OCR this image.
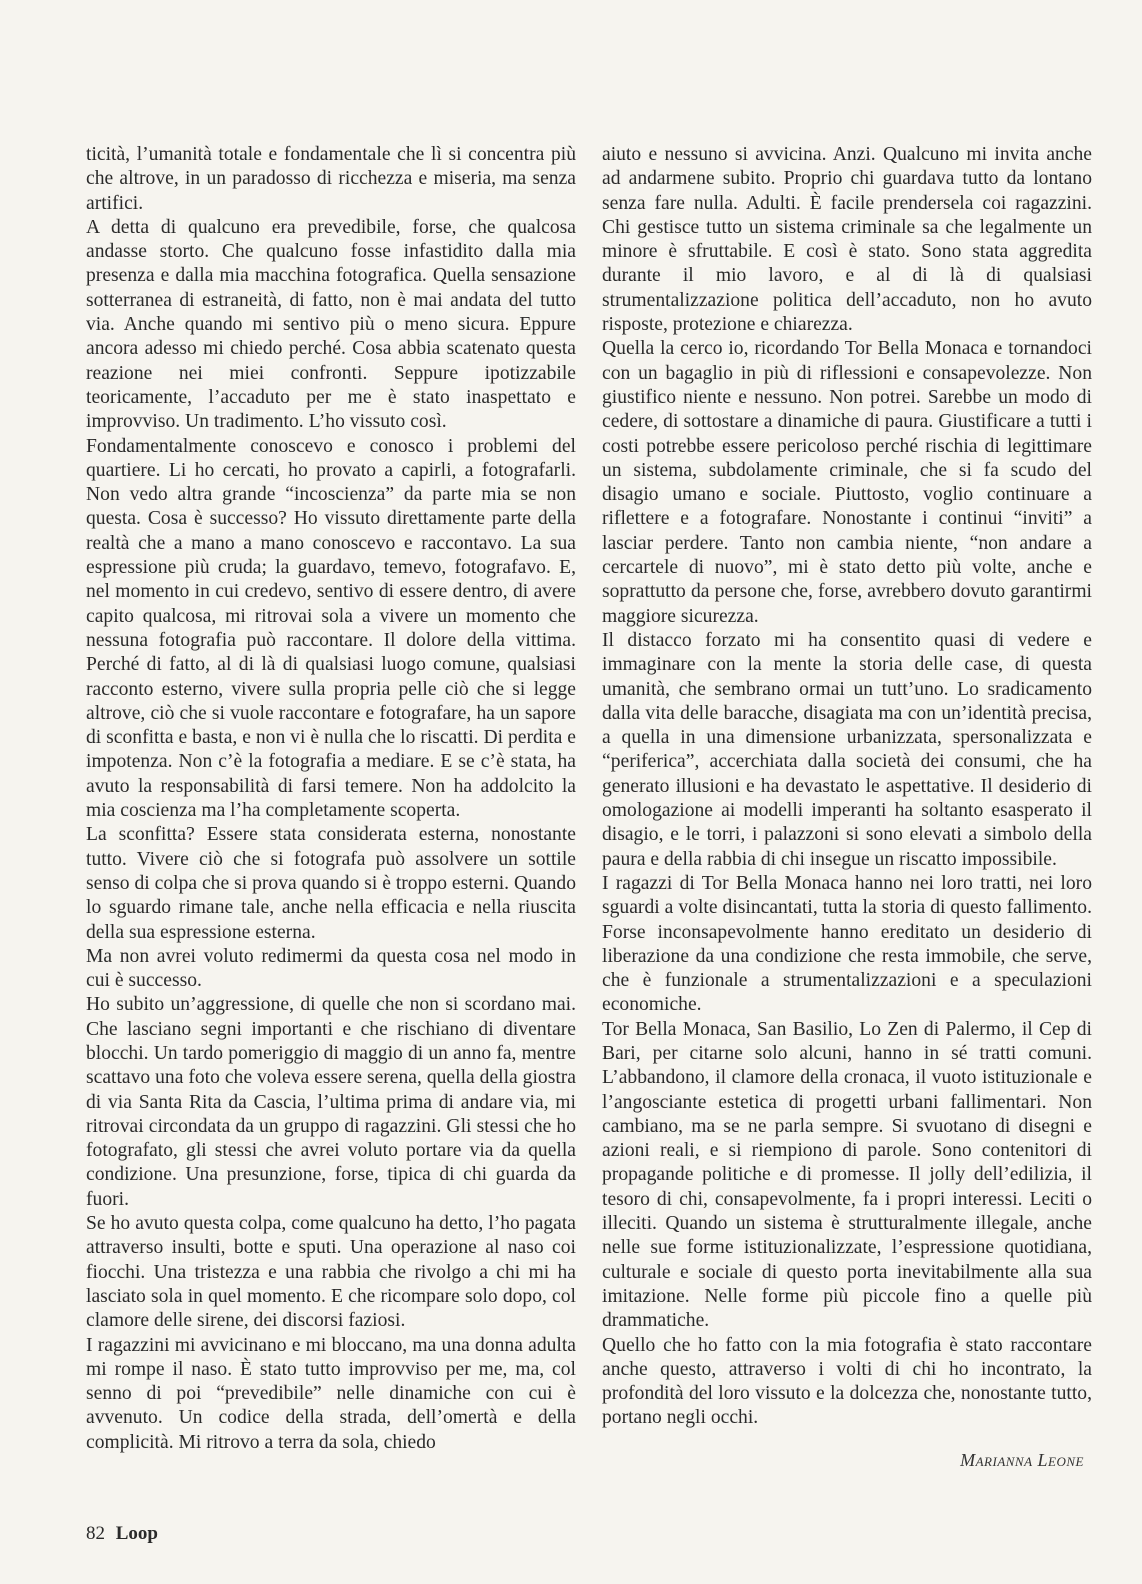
ticità, l’umanità totale e fondamentale che lì si concentra più che altrove, in un paradosso di ricchezza e miseria, ma senza artifici.

A detta di qualcuno era prevedibile, forse, che qualcosa andasse storto. Che qualcuno fosse infastidito dalla mia presenza e dalla mia macchina fotografica. Quella sensazione sotterranea di estraneità, di fatto, non è mai andata del tutto via. Anche quando mi sentivo più o meno sicura. Eppure ancora adesso mi chiedo perché. Cosa abbia scatenato questa reazione nei miei confronti. Seppure ipotizzabile teoricamente, l’accaduto per me è stato inaspettato e improvviso. Un tradimento. L’ho vissuto così.

Fondamentalmente conoscevo e conosco i problemi del quartiere. Li ho cercati, ho provato a capirli, a fotografarli. Non vedo altra grande “incoscienza” da parte mia se non questa. Cosa è successo? Ho vissuto direttamente parte della realtà che a mano a mano conoscevo e raccontavo. La sua espressione più cruda; la guardavo, temevo, fotografavo. E, nel momento in cui credevo, sentivo di essere dentro, di avere capito qualcosa, mi ritrovai sola a vivere un momento che nessuna fotografia può raccontare. Il dolore della vittima. Perché di fatto, al di là di qualsiasi luogo comune, qualsiasi racconto esterno, vivere sulla propria pelle ciò che si legge altrove, ciò che si vuole raccontare e fotografare, ha un sapore di sconfitta e basta, e non vi è nulla che lo riscatti. Di perdita e impotenza. Non c’è la fotografia a mediare. E se c’è stata, ha avuto la responsabilità di farsi temere. Non ha addolcito la mia coscienza ma l’ha completamente scoperta.

La sconfitta? Essere stata considerata esterna, nonostante tutto. Vivere ciò che si fotografa può assolvere un sottile senso di colpa che si prova quando si è troppo esterni. Quando lo sguardo rimane tale, anche nella efficacia e nella riuscita della sua espressione esterna.

Ma non avrei voluto redimermi da questa cosa nel modo in cui è successo.

Ho subito un’aggressione, di quelle che non si scordano mai. Che lasciano segni importanti e che rischiano di diventare blocchi. Un tardo pomeriggio di maggio di un anno fa, mentre scattavo una foto che voleva essere serena, quella della giostra di via Santa Rita da Cascia, l’ultima prima di andare via, mi ritrovai circondata da un gruppo di ragazzini. Gli stessi che ho fotografato, gli stessi che avrei voluto portare via da quella condizione. Una presunzione, forse, tipica di chi guarda da fuori.

Se ho avuto questa colpa, come qualcuno ha detto, l’ho pagata attraverso insulti, botte e sputi. Una operazione al naso coi fiocchi. Una tristezza e una rabbia che rivolgo a chi mi ha lasciato sola in quel momento. E che ricompare solo dopo, col clamore delle sirene, dei discorsi faziosi.

I ragazzini mi avvicinano e mi bloccano, ma una donna adulta mi rompe il naso. È stato tutto improvviso per me, ma, col senno di poi “prevedibile” nelle dinamiche con cui è avvenuto. Un codice della strada, dell’omertà e della complicità. Mi ritrovo a terra da sola, chiedo

aiuto e nessuno si avvicina. Anzi. Qualcuno mi invita anche ad andarmene subito. Proprio chi guardava tutto da lontano senza fare nulla. Adulti. È facile prendersela coi ragazzini. Chi gestisce tutto un sistema criminale sa che legalmente un minore è sfruttabile. E così è stato. Sono stata aggredita durante il mio lavoro, e al di là di qualsiasi strumentalizzazione politica dell’accaduto, non ho avuto risposte, protezione e chiarezza.

Quella la cerco io, ricordando Tor Bella Monaca e tornandoci con un bagaglio in più di riflessioni e consapevolezze. Non giustifico niente e nessuno. Non potrei. Sarebbe un modo di cedere, di sottostare a dinamiche di paura. Giustificare a tutti i costi potrebbe essere pericoloso perché rischia di legittimare un sistema, subdolamente criminale, che si fa scudo del disagio umano e sociale. Piuttosto, voglio continuare a riflettere e a fotografare. Nonostante i continui “inviti” a lasciar perdere. Tanto non cambia niente, “non andare a cercartele di nuovo”, mi è stato detto più volte, anche e soprattutto da persone che, forse, avrebbero dovuto garantirmi maggiore sicurezza.

Il distacco forzato mi ha consentito quasi di vedere e immaginare con la mente la storia delle case, di questa umanità, che sembrano ormai un tutt’uno. Lo sradicamento dalla vita delle baracche, disagiata ma con un’identità precisa, a quella in una dimensione urbanizzata, spersonalizzata e “periferica”, accerchiata dalla società dei consumi, che ha generato illusioni e ha devastato le aspettative. Il desiderio di omologazione ai modelli imperanti ha soltanto esasperato il disagio, e le torri, i palazzoni si sono elevati a simbolo della paura e della rabbia di chi insegue un riscatto impossibile.

I ragazzi di Tor Bella Monaca hanno nei loro tratti, nei loro sguardi a volte disincantati, tutta la storia di questo fallimento. Forse inconsapevolmente hanno ereditato un desiderio di liberazione da una condizione che resta immobile, che serve, che è funzionale a strumentalizzazioni e a speculazioni economiche.

Tor Bella Monaca, San Basilio, Lo Zen di Palermo, il Cep di Bari, per citarne solo alcuni, hanno in sé tratti comuni. L’abbandono, il clamore della cronaca, il vuoto istituzionale e l’angosciante estetica di progetti urbani fallimentari. Non cambiano, ma se ne parla sempre. Si svuotano di disegni e azioni reali, e si riempiono di parole. Sono contenitori di propagande politiche e di promesse. Il jolly dell’edilizia, il tesoro di chi, consapevolmente, fa i propri interessi. Leciti o illeciti. Quando un sistema è strutturalmente illegale, anche nelle sue forme istituzionalizzate, l’espressione quotidiana, culturale e sociale di questo porta inevitabilmente alla sua imitazione. Nelle forme più piccole fino a quelle più drammatiche.

Quello che ho fatto con la mia fotografia è stato raccontare anche questo, attraverso i volti di chi ho incontrato, la profondità del loro vissuto e la dolcezza che, nonostante tutto, portano negli occhi.

Marianna Leone
82 Loop
